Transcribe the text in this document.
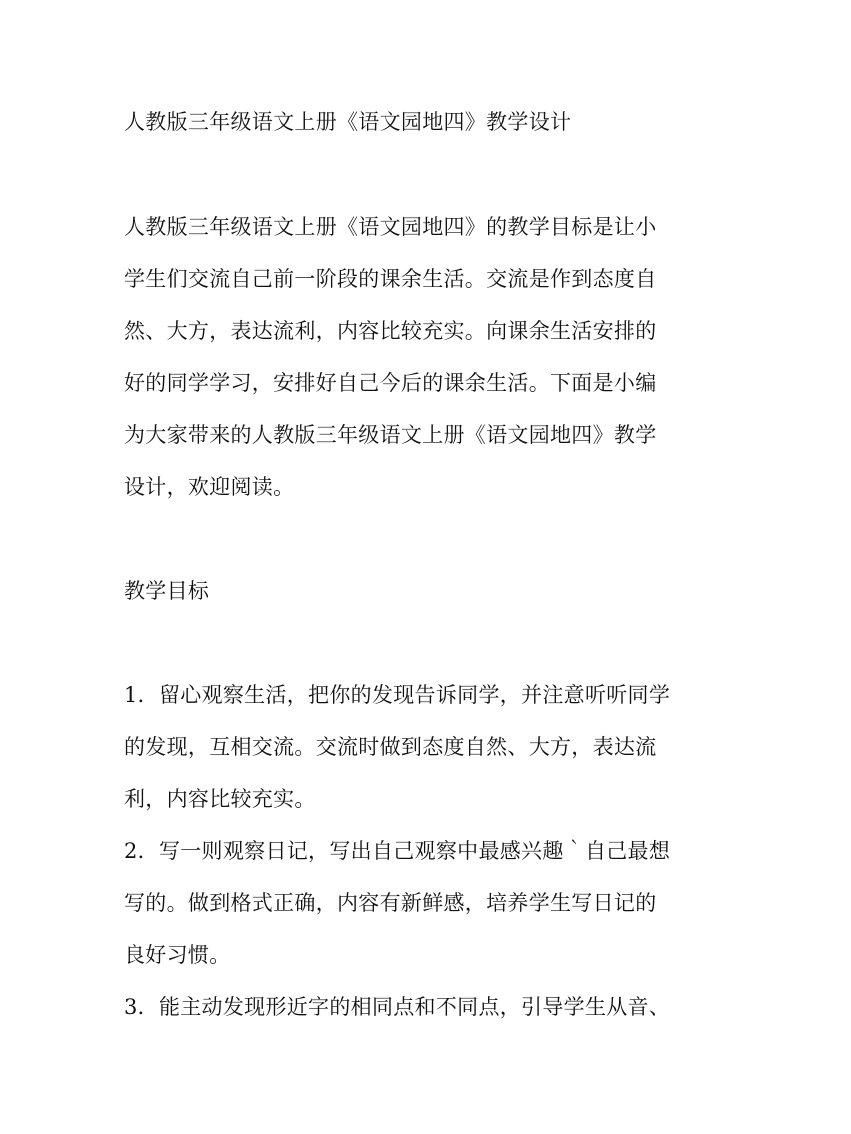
人教版三年级语文上册《语文园地四》教学设计
人教版三年级语文上册《语文园地四》的教学目标是让小
学生们交流自己前一阶段的课余生活。交流是作到态度自
然、大方，表达流利，内容比较充实。向课余生活安排的
好的同学学习，安排好自己今后的课余生活。下面是小编
为大家带来的人教版三年级语文上册《语文园地四》教学
设计，欢迎阅读。
教学目标
1．留心观察生活，把你的发现告诉同学，并注意听听同学
的发现，互相交流。交流时做到态度自然、大方，表达流
利，内容比较充实。
2．写一则观察日记，写出自己观察中最感兴趣｀自己最想
写的。做到格式正确，内容有新鲜感，培养学生写日记的
良好习惯。
3．能主动发现形近字的相同点和不同点，引导学生从音、
